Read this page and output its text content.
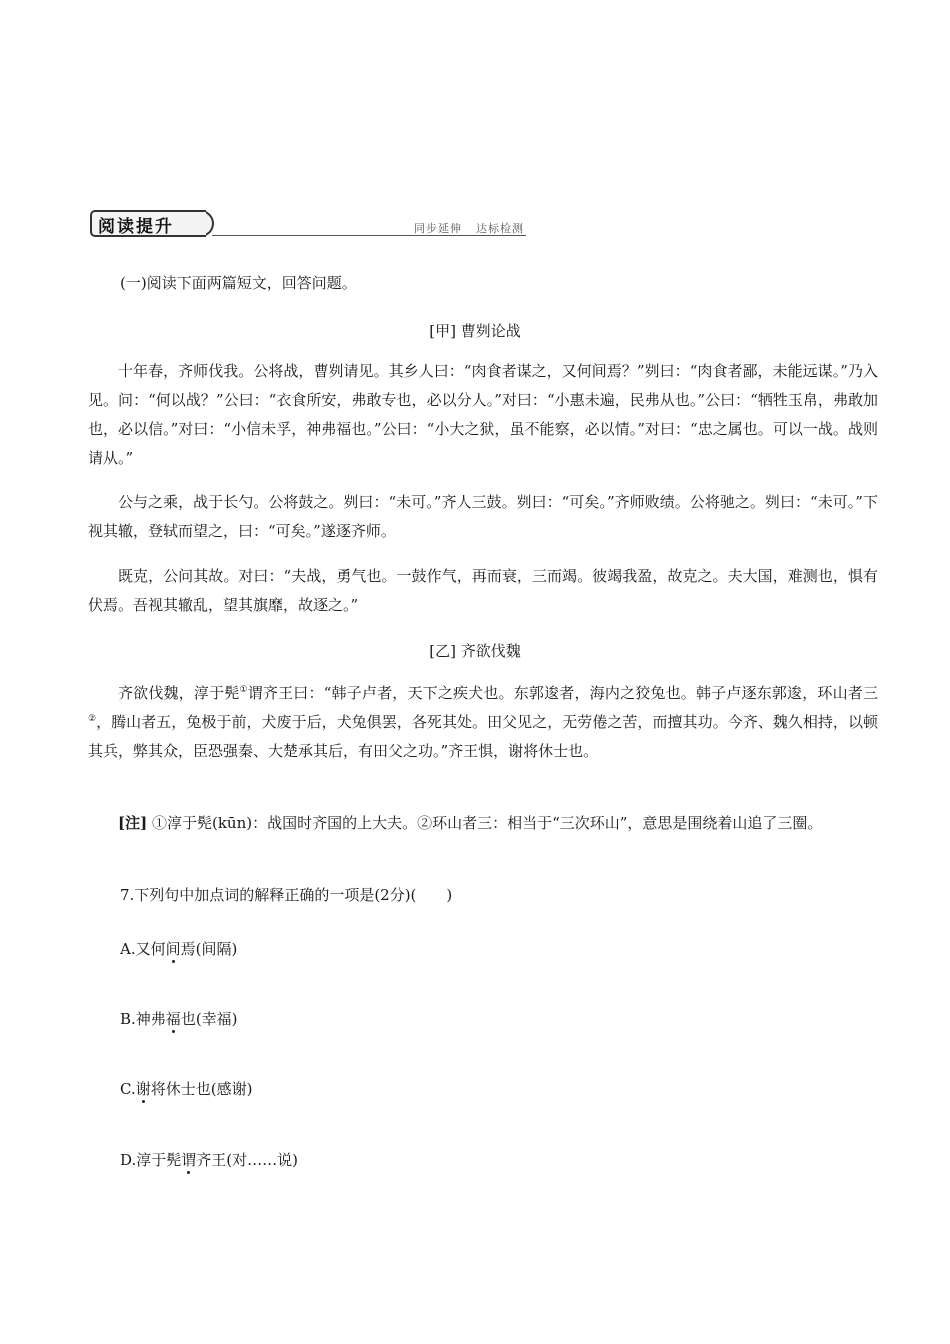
阅读提升	同步延伸 达标检测
(一)阅读下面两篇短文，回答问题。
[甲] 曹刿论战
十年春，齐师伐我。公将战，曹刿请见。其乡人曰：“肉食者谋之，又何间焉？”刿曰：“肉食者鄙，未能远谋。”乃入见。问：“何以战？”公曰：“衣食所安，弗敢专也，必以分人。”对曰：“小惠未遍，民弗从也。”公曰：“牺牲玉帛，弗敢加也，必以信。”对曰：“小信未孚，神弗福也。”公曰：“小大之狱，虽不能察，必以情。”对曰：“忠之属也。可以一战。战则请从。”
公与之乘，战于长勺。公将鼓之。刿曰：“未可。”齐人三鼓。刿曰：“可矣。”齐师败绩。公将驰之。刿曰：“未可。”下视其辙，登轼而望之，曰：“可矣。”遂逐齐师。
既克，公问其故。对曰：“夫战，勇气也。一鼓作气，再而衰，三而竭。彼竭我盈，故克之。夫大国，难测也，惧有伏焉。吾视其辙乱，望其旗靡，故逐之。”
[乙] 齐欲伐魏
齐欲伐魏，淳于髡①谓齐王曰：“韩子卢者，天下之疾犬也。东郭逡者，海内之狡兔也。韩子卢逐东郭逡，环山者三②，腾山者五，兔极于前，犬废于后，犬兔俱罢，各死其处。田父见之，无劳倦之苦，而擅其功。今齐、魏久相持，以顿其兵，弊其众，臣恐强秦、大楚承其后，有田父之功。”齐王惧，谢将休士也。
[注] ①淳于髡(kūn)：战国时齐国的上大夫。②环山者三：相当于“三次环山”，意思是围绕着山追了三圈。
7.下列句中加点词的解释正确的一项是(2分)(　　)
A.又何间焉(间隔)
B.神弗福也(幸福)
C.谢将休士也(感谢)
D.淳于髡谓齐王(对……说)
